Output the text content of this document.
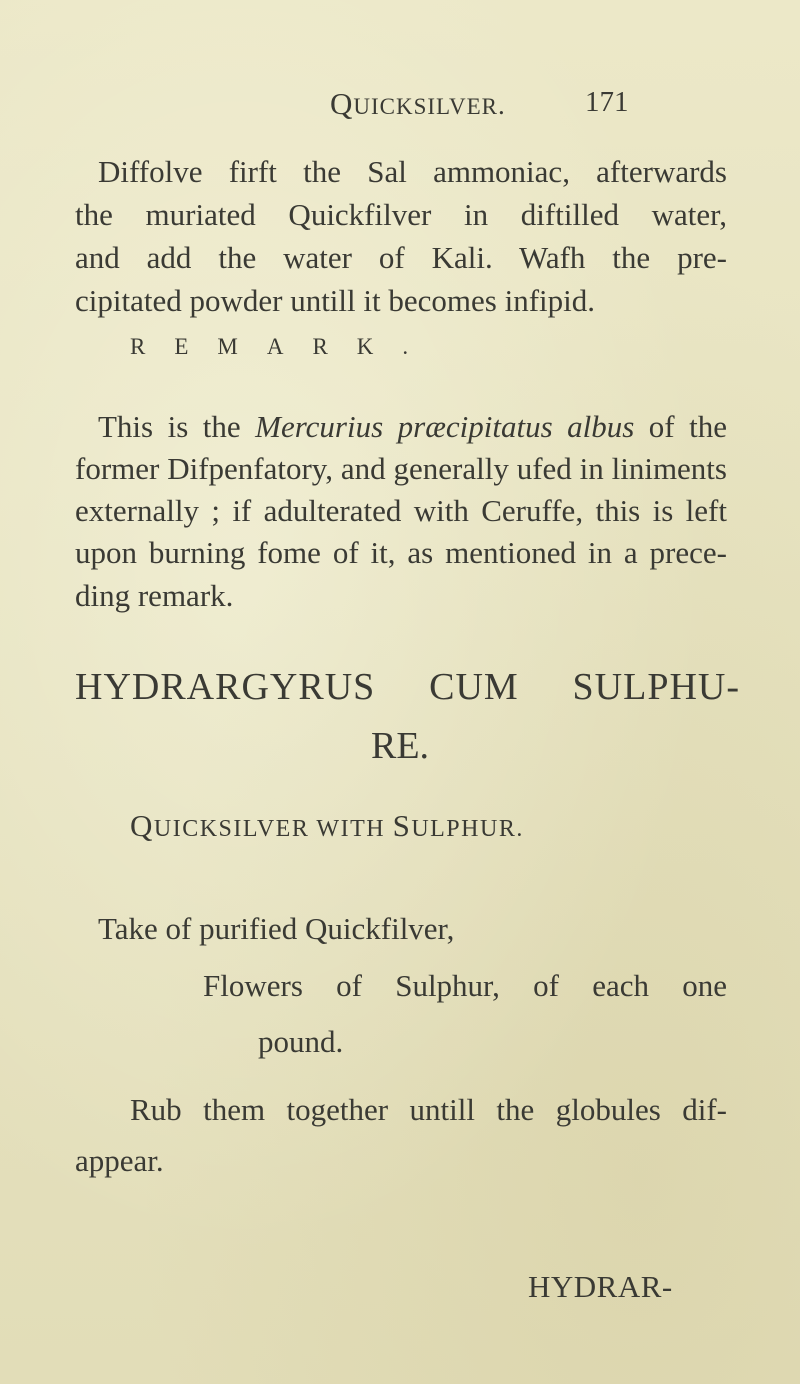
QUICKSILVER.	171
Diffolve firft the Sal ammoniac, afterwards
the muriated Quickfilver in diftilled water,
and add the water of Kali. Wafh the pre-
cipitated powder untill it becomes infipid.
REMARK.
This is the Mercurius præcipitatus albus of the
former Difpenfatory, and generally ufed in liniments
externally ; if adulterated with Ceruffe, this is left
upon burning fome of it, as mentioned in a prece-
ding remark.
HYDRARGYRUS CUM SULPHU-
RE.
QUICKSILVER WITH SULPHUR.
Take of purified Quickfilver,
Flowers of Sulphur, of each one
pound.
Rub them together untill the globules dif-
appear.
HYDRAR-
